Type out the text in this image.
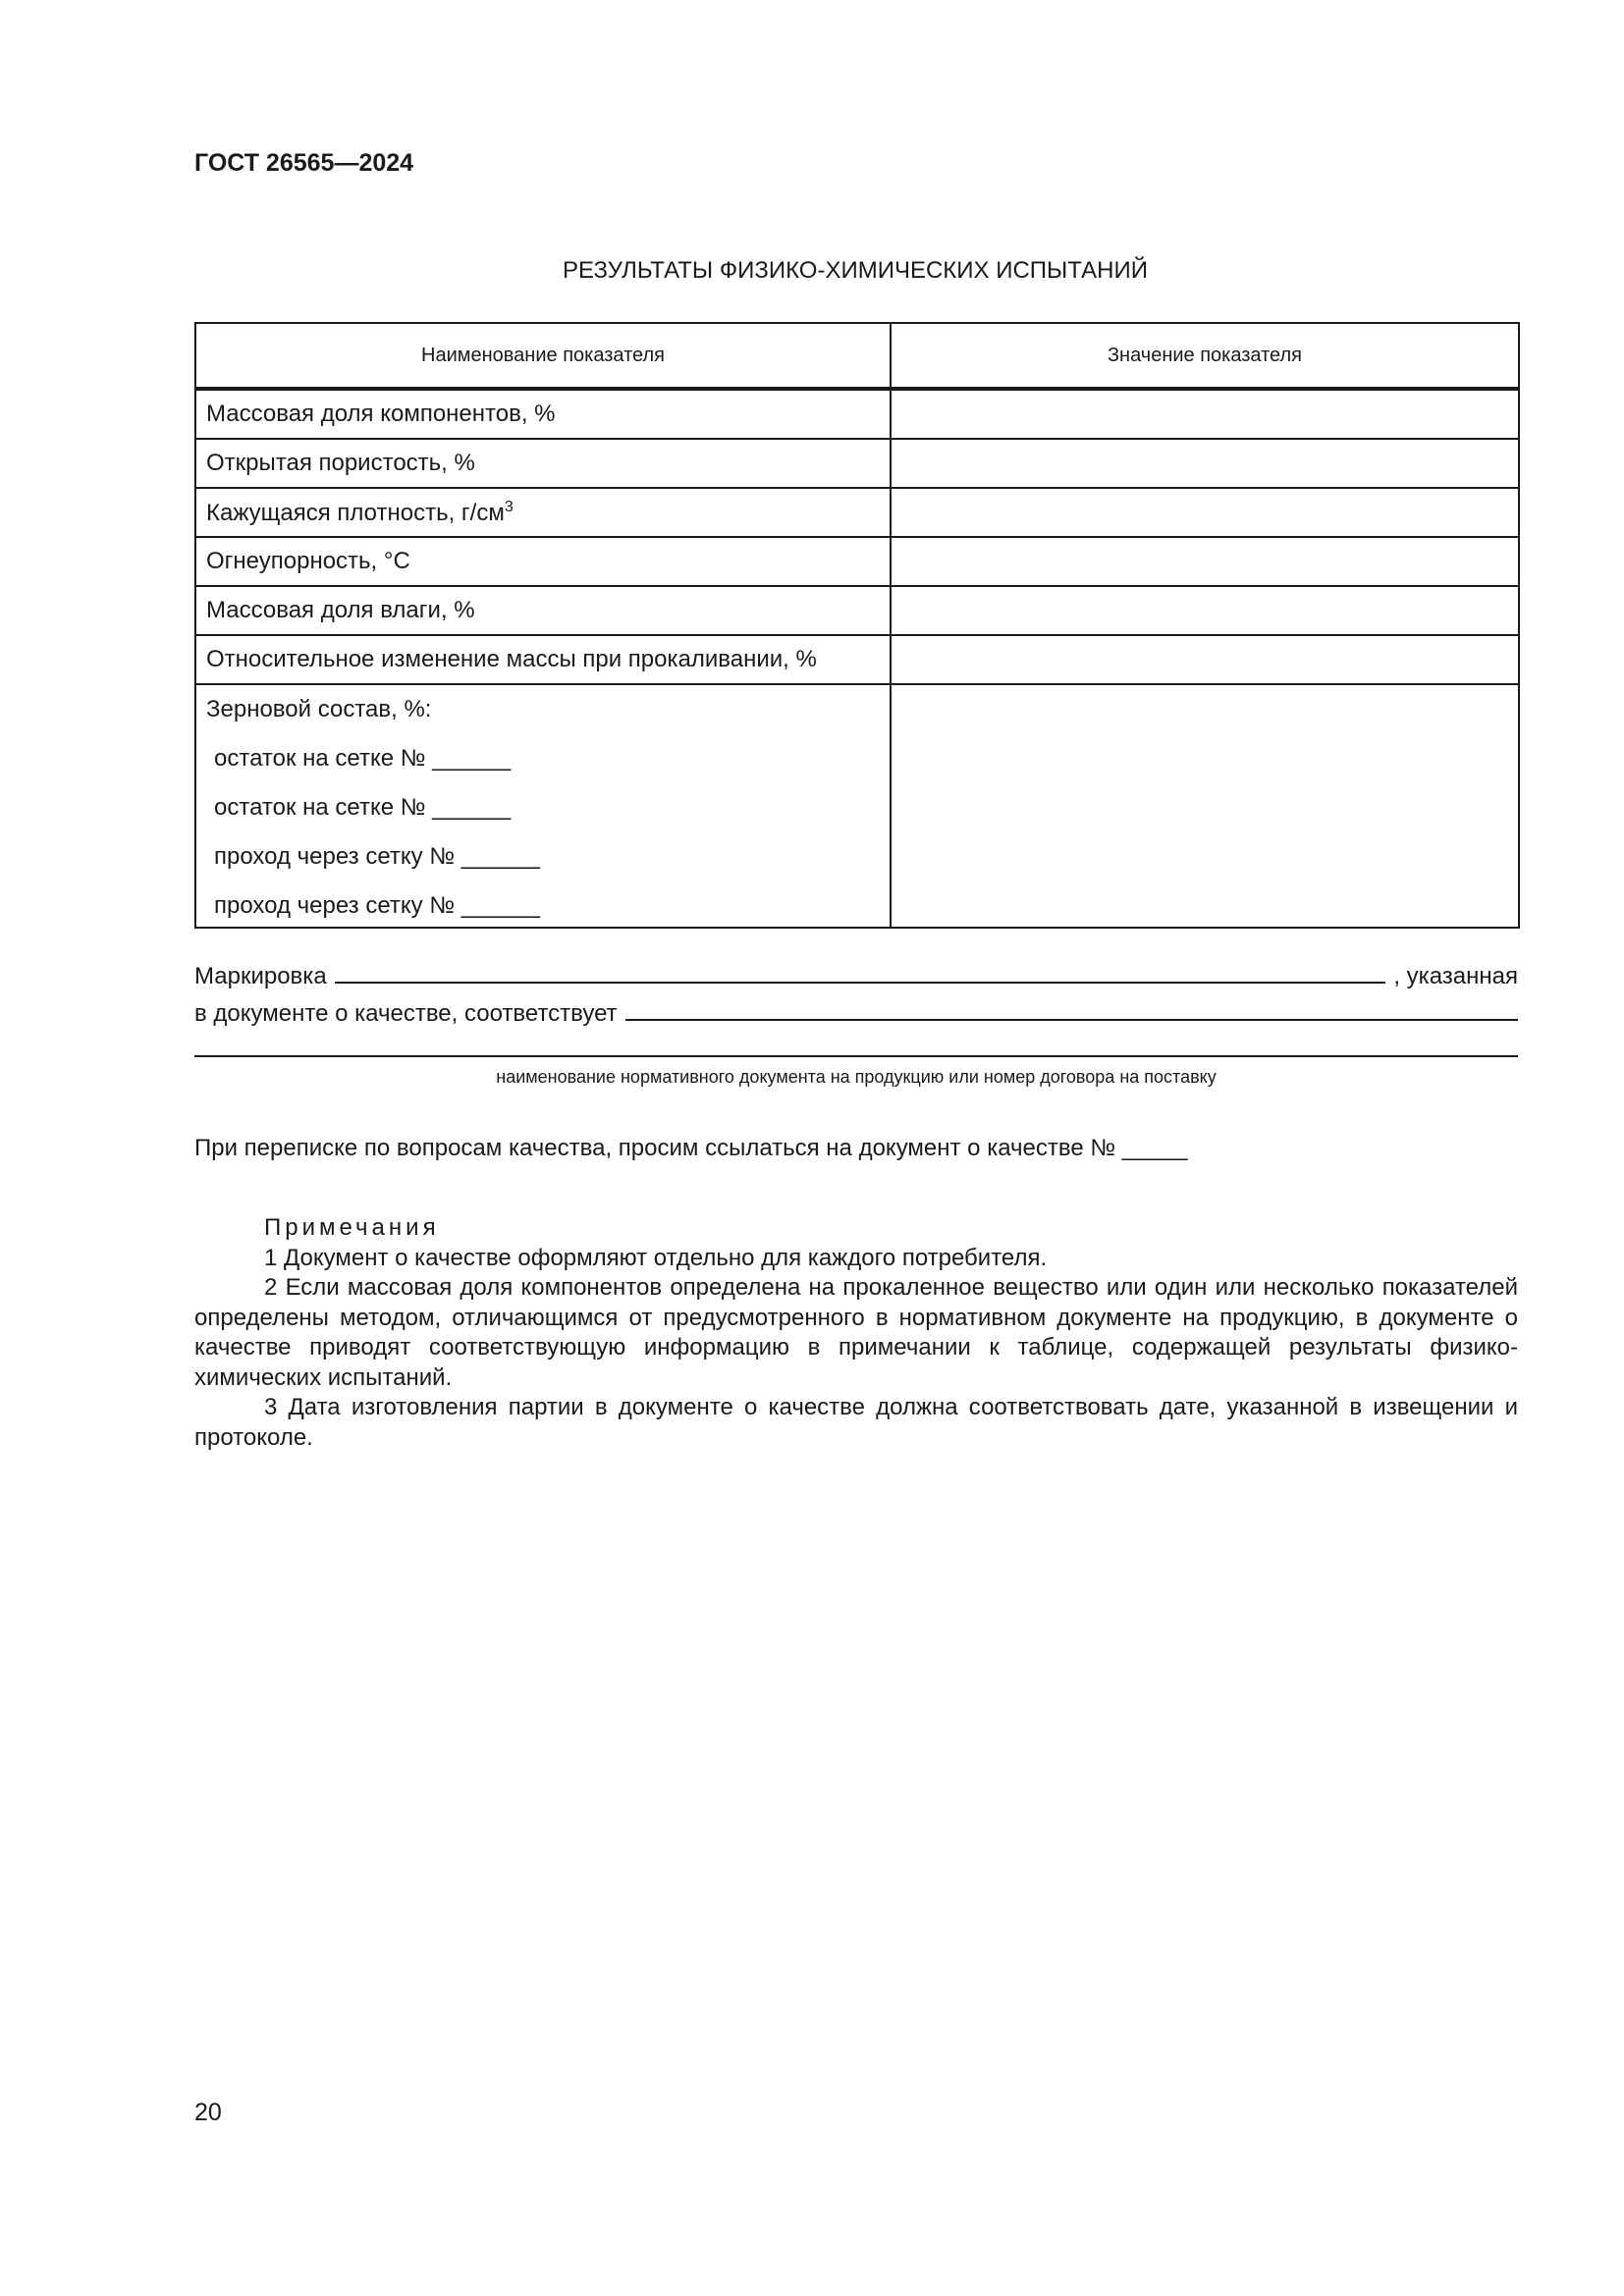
ГОСТ 26565—2024
РЕЗУЛЬТАТЫ ФИЗИКО-ХИМИЧЕСКИХ ИСПЫТАНИЙ
Наименование показателя	Значение показателя
Массовая доля компонентов, %	
Открытая пористость, %	
Кажущаяся плотность, $г/см^3$	
Огнеупорность, °С	
Массовая доля влаги, %	
Относительное изменение массы при прокаливании, %	

Зерновой состав, %:
остаток на сетке № ______
остаток на сетке № ______
проход через сетку № ______
проход через сетку № ______	

Маркировка	, указанная
в документе о качестве, соответствует
наименование нормативного документа на продукцию или номер договора на поставку
При переписке по вопросам качества, просим ссылаться на документ о качестве № _____
Примечания

1 Документ о качестве оформляют отдельно для каждого потребителя.

2 Если массовая доля компонентов определена на прокаленное вещество или один или несколько показателей определены методом, отличающимся от предусмотренного в нормативном документе на продукцию, в документе о качестве приводят соответствующую информацию в примечании к таблице, содержащей результаты физико-химических испытаний.

3 Дата изготовления партии в документе о качестве должна соответствовать дате, указанной в извещении и протоколе.

20
